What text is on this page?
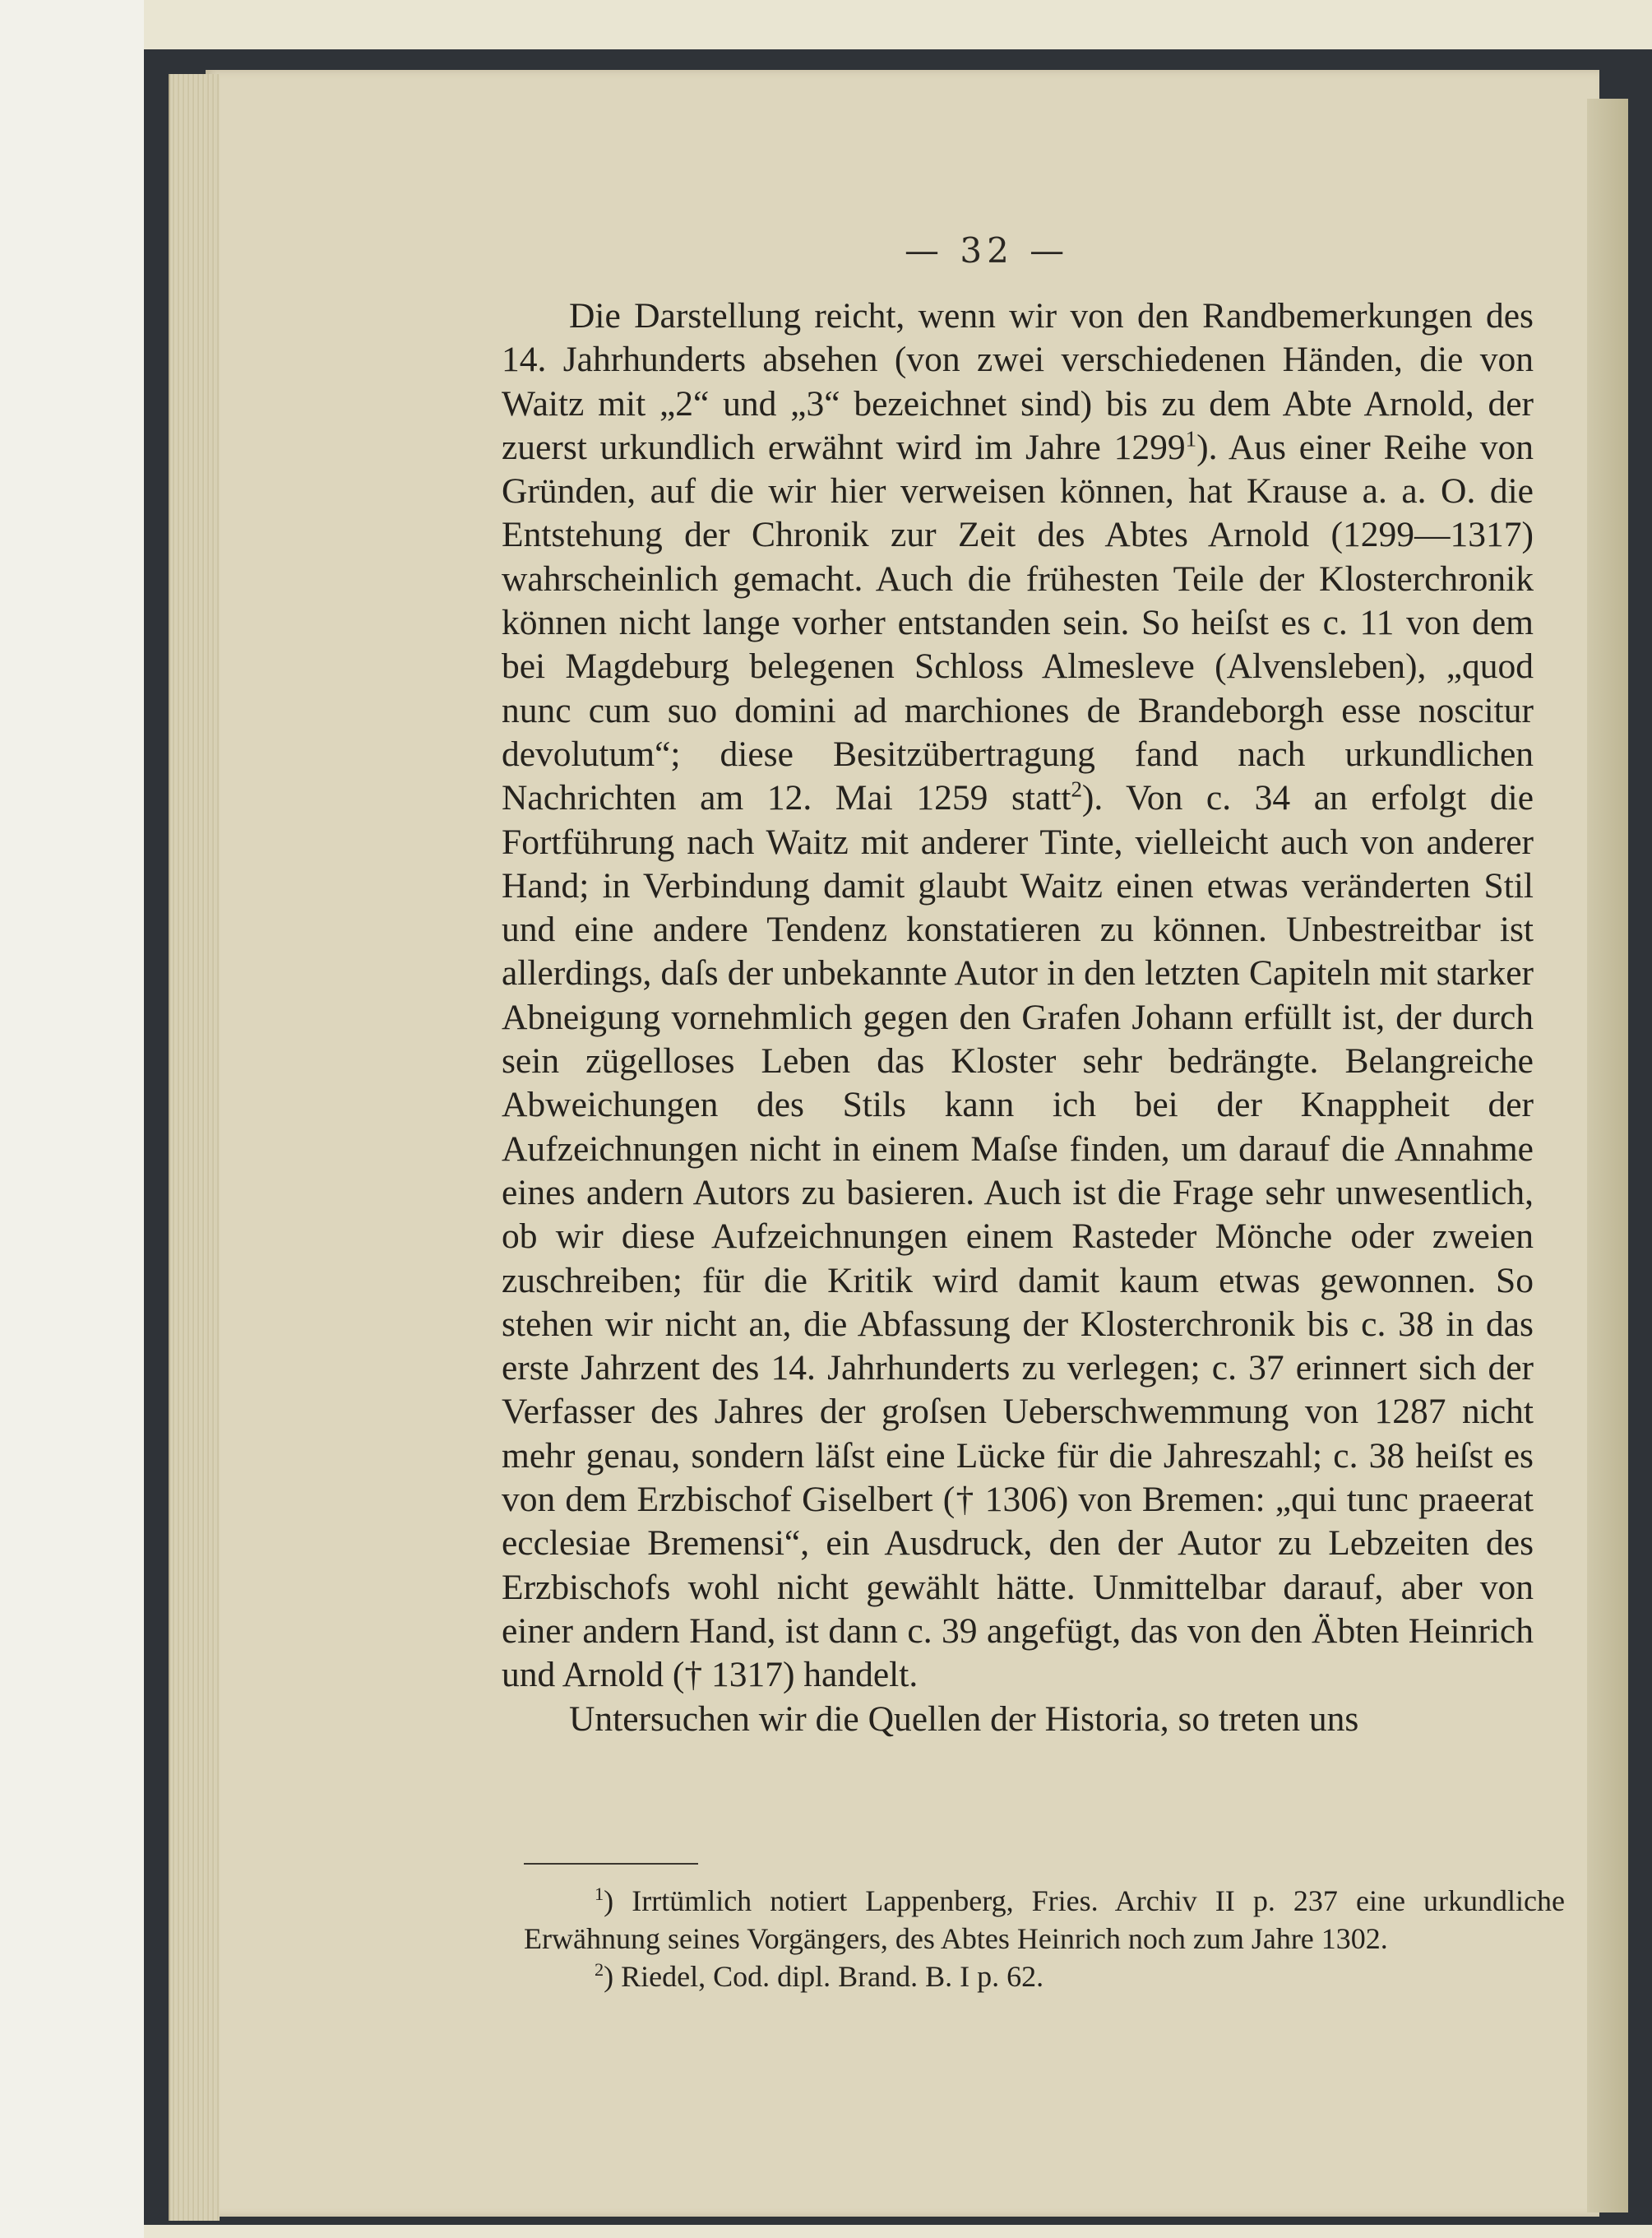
— 32 —

Die Darstellung reicht, wenn wir von den Randbemerkungen des 14. Jahrhunderts absehen (von zwei verschiedenen Händen, die von Waitz mit „2“ und „3“ bezeichnet sind) bis zu dem Abte Arnold, der zuerst urkundlich erwähnt wird im Jahre 1299$^1$). Aus einer Reihe von Gründen, auf die wir hier verweisen können, hat Krause a. a. O. die Entstehung der Chronik zur Zeit des Abtes Arnold (1299—1317) wahrscheinlich gemacht. Auch die frühesten Teile der Klosterchronik können nicht lange vorher entstanden sein. So heiſst es c. 11 von dem bei Magdeburg belegenen Schloss Almesleve (Alvensleben), „quod nunc cum suo domini ad marchiones de Brandeborgh esse noscitur devolutum“; diese Besitzübertragung fand nach urkundlichen Nachrichten am 12. Mai 1259 statt$^2$). Von c. 34 an erfolgt die Fortführung nach Waitz mit anderer Tinte, vielleicht auch von anderer Hand; in Verbindung damit glaubt Waitz einen etwas veränderten Stil und eine andere Tendenz konstatieren zu können. Unbestreitbar ist allerdings, daſs der unbekannte Autor in den letzten Capiteln mit starker Abneigung vornehmlich gegen den Grafen Johann erfüllt ist, der durch sein zügelloses Leben das Kloster sehr bedrängte. Belangreiche Abweichungen des Stils kann ich bei der Knappheit der Aufzeichnungen nicht in einem Maſse finden, um darauf die Annahme eines andern Autors zu basieren. Auch ist die Frage sehr unwesentlich, ob wir diese Aufzeichnungen einem Rasteder Mönche oder zweien zuschreiben; für die Kritik wird damit kaum etwas gewonnen. So stehen wir nicht an, die Abfassung der Klosterchronik bis c. 38 in das erste Jahrzent des 14. Jahrhunderts zu verlegen; c. 37 erinnert sich der Verfasser des Jahres der groſsen Ueberschwemmung von 1287 nicht mehr genau, sondern läſst eine Lücke für die Jahreszahl; c. 38 heiſst es von dem Erzbischof Giselbert († 1306) von Bremen: „qui tunc praeerat ecclesiae Bremensi“, ein Ausdruck, den der Autor zu Lebzeiten des Erzbischofs wohl nicht gewählt hätte. Unmittelbar darauf, aber von einer andern Hand, ist dann c. 39 angefügt, das von den Äbten Heinrich und Arnold († 1317) handelt.

Untersuchen wir die Quellen der Historia, so treten uns

$^1$) Irrtümlich notiert Lappenberg, Fries. Archiv II p. 237 eine urkundliche Erwähnung seines Vorgängers, des Abtes Heinrich noch zum Jahre 1302.

$^2$) Riedel, Cod. dipl. Brand. B. I p. 62.
